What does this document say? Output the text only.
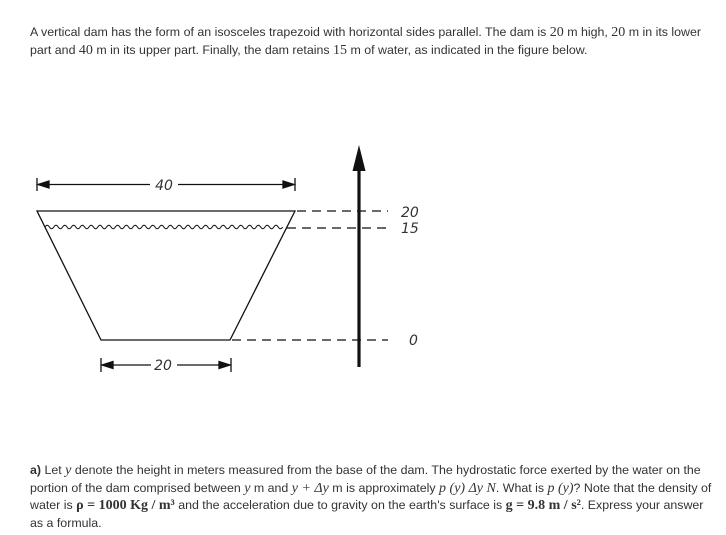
A vertical dam has the form of an isosceles trapezoid with horizontal sides parallel. The dam is 20 m high, 20 m in its lower part and 40 m in its upper part. Finally, the dam retains 15 m of water, as indicated in the figure below.

40
20
15
0
20

a) Let y denote the height in meters measured from the base of the dam. The hydrostatic force exerted by the water on the portion of the dam comprised between y m and y + Δy m is approximately p (y) Δy N. What is p (y)? Note that the density of water is ρ = 1000 Kg / m³ and the acceleration due to gravity on the earth's surface is g = 9.8 m / s². Express your answer as a formula.
